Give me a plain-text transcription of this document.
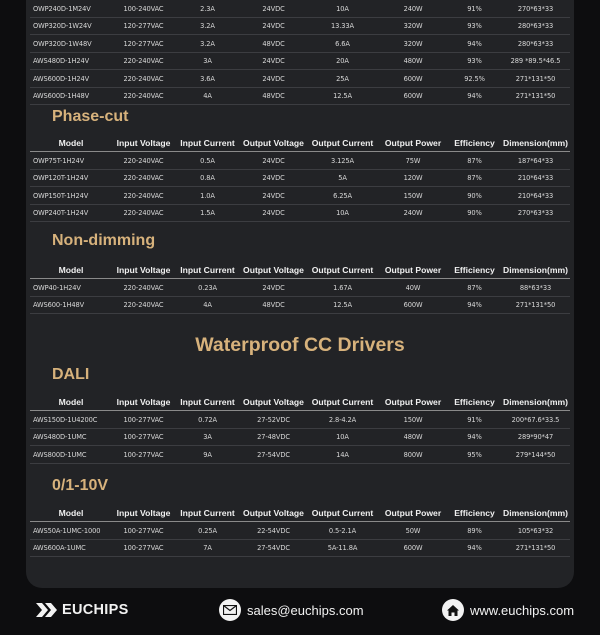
OWP240D-1M24V	100-240VAC	2.3A	24VDC	10A	240W	91%	270*63*33
OWP320D-1W24V	120-277VAC	3.2A	24VDC	13.33A	320W	93%	280*63*33
OWP320D-1W48V	120-277VAC	3.2A	48VDC	6.6A	320W	94%	280*63*33
AWS480D-1H24V	220-240VAC	3A	24VDC	20A	480W	93%	289 *89.5*46.5
AWS600D-1H24V	220-240VAC	3.6A	24VDC	25A	600W	92.5%	271*131*50
AWS600D-1H48V	220-240VAC	4A	48VDC	12.5A	600W	94%	271*131*50
Phase-cut
Model	Input Voltage	Input Current	Output Voltage	Output Current	Output Power	Efficiency	Dimension(mm)
OWP75T-1H24V	220-240VAC	0.5A	24VDC	3.125A	75W	87%	187*64*33
OWP120T-1H24V	220-240VAC	0.8A	24VDC	5A	120W	87%	210*64*33
OWP150T-1H24V	220-240VAC	1.0A	24VDC	6.25A	150W	90%	210*64*33
OWP240T-1H24V	220-240VAC	1.5A	24VDC	10A	240W	90%	270*63*33
Non-dimming
Model	Input Voltage	Input Current	Output Voltage	Output Current	Output Power	Efficiency	Dimension(mm)
OWP40-1H24V	220-240VAC	0.23A	24VDC	1.67A	40W	87%	88*63*33
AWS600-1H48V	220-240VAC	4A	48VDC	12.5A	600W	94%	271*131*50
Waterproof CC Drivers
DALI
Model	Input Voltage	Input Current	Output Voltage	Output Current	Output Power	Efficiency	Dimension(mm)
AWS150D-1U4200C	100-277VAC	0.72A	27-52VDC	2.8-4.2A	150W	91%	200*67.6*33.5
AWS480D-1UMC	100-277VAC	3A	27-48VDC	10A	480W	94%	289*90*47
AWS800D-1UMC	100-277VAC	9A	27-54VDC	14A	800W	95%	279*144*50
0/1-10V
Model	Input Voltage	Input Current	Output Voltage	Output Current	Output Power	Efficiency	Dimension(mm)
AWS50A-1UMC-1000	100-277VAC	0.25A	22-54VDC	0.5-2.1A	50W	89%	105*63*32
AWS600A-1UMC	100-277VAC	7A	27-54VDC	5A-11.8A	600W	94%	271*131*50
EUCHIPS	sales@euchips.com	www.euchips.com
